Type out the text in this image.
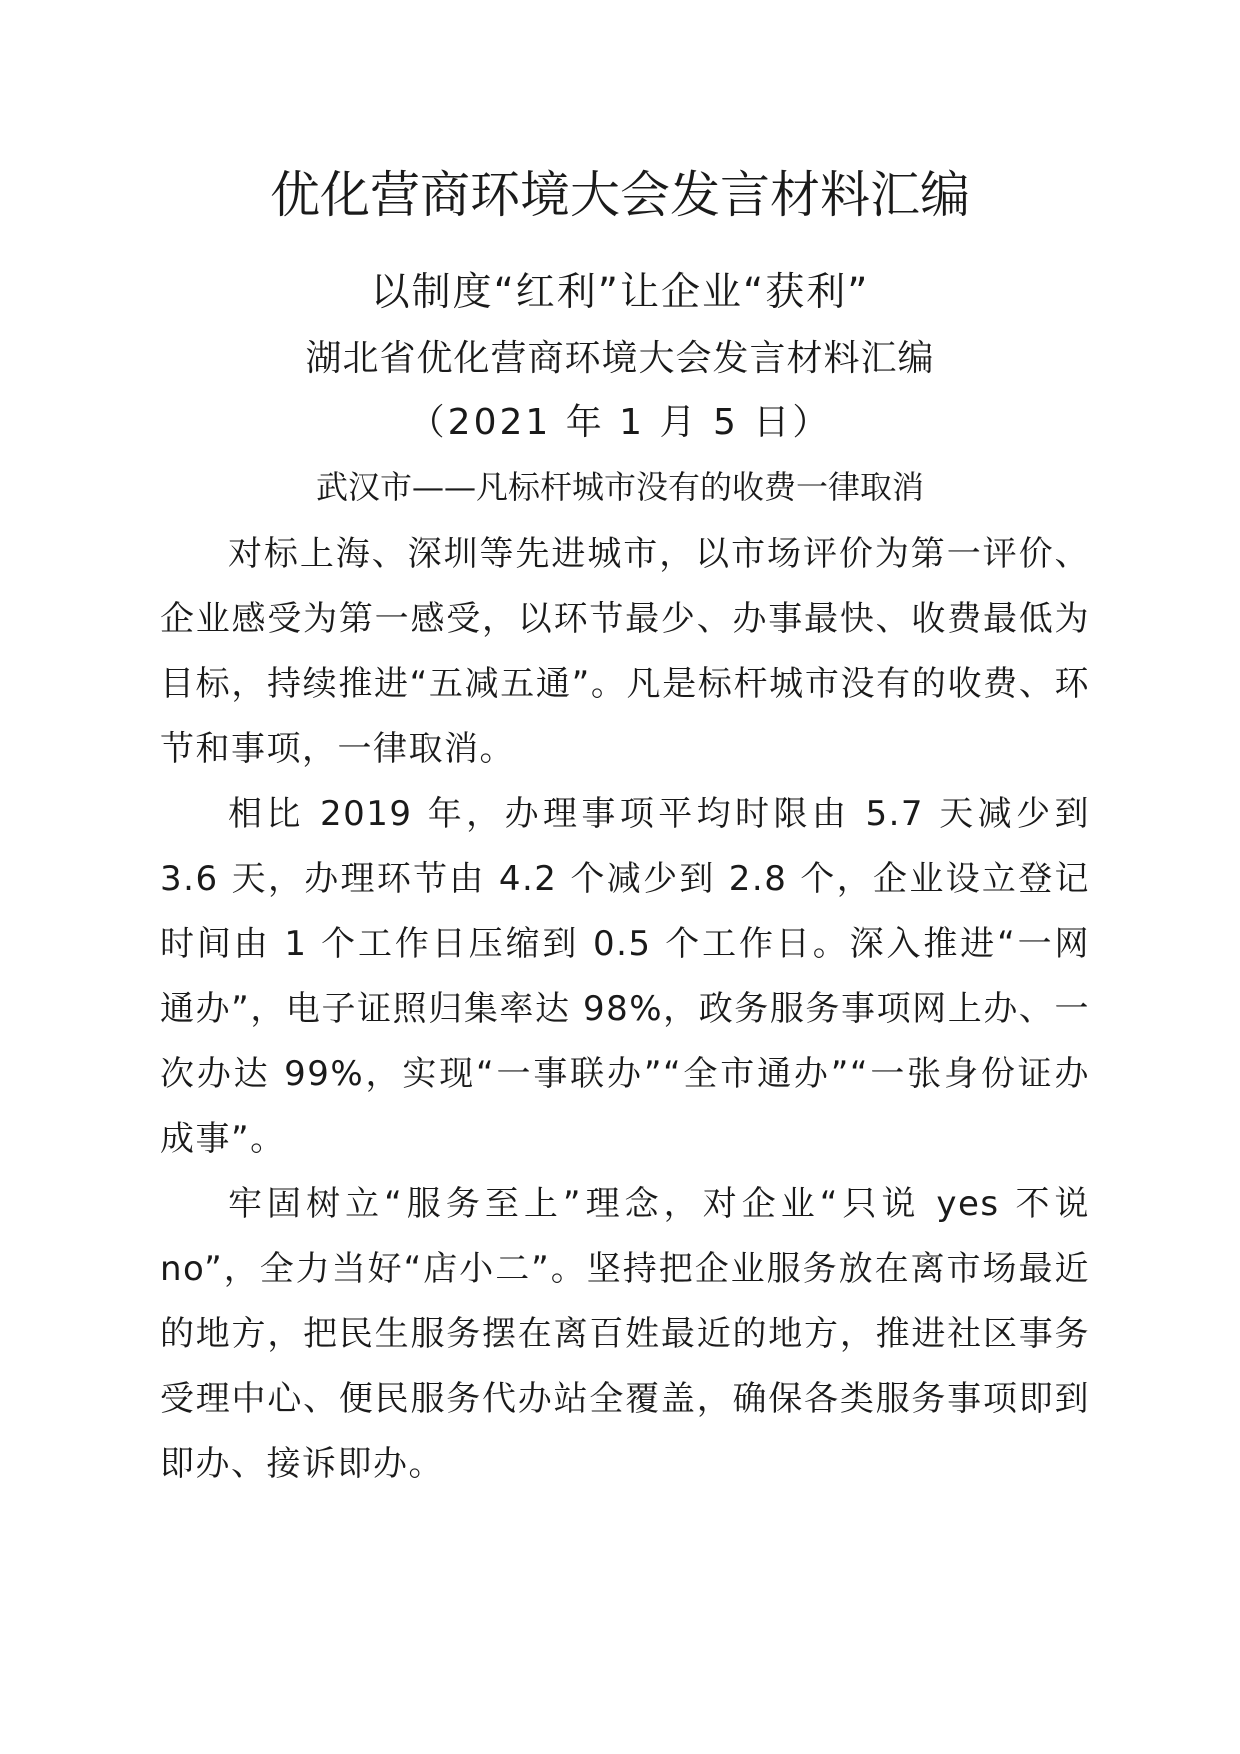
优化营商环境大会发言材料汇编
以制度“红利”让企业“获利”
湖北省优化营商环境大会发言材料汇编
（2021 年 1 月 5 日）
武汉市——凡标杆城市没有的收费一律取消

对标上海、深圳等先进城市，以市场评价为第一评价、企业感受为第一感受，以环节最少、办事最快、收费最低为目标，持续推进“五减五通”。凡是标杆城市没有的收费、环节和事项，一律取消。

相比 2019 年，办理事项平均时限由 5.7 天减少到 3.6 天，办理环节由 4.2 个减少到 2.8 个，企业设立登记时间由 1 个工作日压缩到 0.5 个工作日。深入推进“一网通办”，电子证照归集率达 98%，政务服务事项网上办、一次办达 99%，实现“一事联办”“全市通办”“一张身份证办成事”。

牢固树立“服务至上”理念，对企业“只说 yes 不说 no”，全力当好“店小二”。坚持把企业服务放在离市场最近的地方，把民生服务摆在离百姓最近的地方，推进社区事务受理中心、便民服务代办站全覆盖，确保各类服务事项即到即办、接诉即办。
